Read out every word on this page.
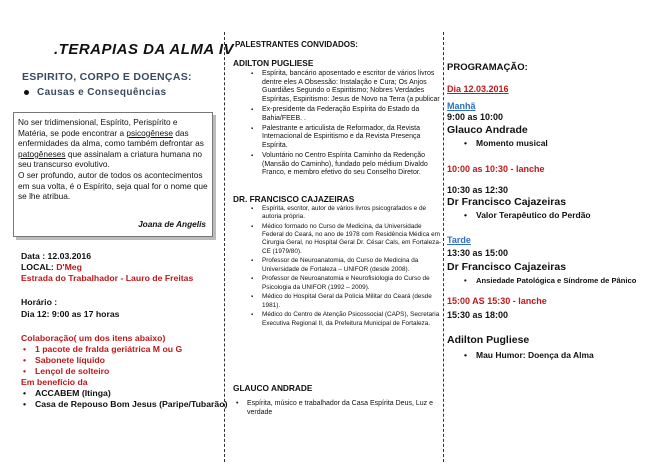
.TERAPIAS DA ALMA IV
ESPIRITO, CORPO E DOENÇAS:
Causas e Consequências

No ser tridimensional, Espírito, Perispírito e Matéria, se pode encontrar a psicogênese das enfermidades da alma, como também defrontar as patogêneses que assinalam a criatura humana no seu transcurso evolutivo.

O ser profundo, autor de todos os acontecimentos em sua volta, é o Espírito, seja qual for o nome que se lhe atribua.

Joana de Angelis
Data : 12.03.2016
LOCAL: D'Meg
Estrada do Trabalhador - Lauro de Freitas
Horário :
Dia 12: 9:00 as 17 horas
Colaboração( um dos itens abaixo)
• 1 pacote de fralda geriátrica M ou G
• Sabonete líquido
• Lençol de solteiro
Em benefício da
• ACCABEM (Itinga)
• Casa de Repouso Bom Jesus (Paripe/Tubarão)
PALESTRANTES CONVIDADOS:
ADILTON PUGLIESE
▪ Espírita, bancário aposentado e escritor de vários livros dentre eles A Obsessão: Instalação e Cura; Os Anjos Guardiães Segundo o Espiritismo; Nobres Verdades Espíritas, Espiritismo: Jesus de Novo na Terra (a publicar
▪ Ex-presidente da Federação Espírita do Estado da Bahia/FEEB. .
▪ Palestrante e articulista de Reformador, da Revista Internacional de Espiritismo e da Revista Presença Espírita.
▪ Voluntário no Centro Espírita Caminho da Redenção (Mansão do Caminho), fundado pelo médium Divaldo Franco, e membro efetivo do seu Conselho Diretor.
DR. FRANCISCO CAJAZEIRAS
▪ Espírita, escritor, autor de vários livros psicografados e de autoria própria.
▪ Médico formado no Curso de Medicina, da Universidade Federal do Ceará, no ano de 1978 com Residência Médica em Cirurgia Geral, no Hospital Geral Dr. César Cals, em Fortaleza-CE (1979/80).
▪ Professor de Neuroanatomia, do Curso de Medicina da Universidade de Fortaleza – UNIFOR (desde 2008).
▪ Professor de Neuroanatomia e Neurofisiologia do Curso de Psicologia da UNIFOR (1992 – 2009).
▪ Médico do Hospital Geral da Polícia Militar do Ceará (desde 1981).
▪ Médico do Centro de Atenção Psicossocial (CAPS), Secretaria Executiva Regional II, da Prefeitura Municipal de Fortaleza.
GLAUCO ANDRADE
• Espírita, músico e trabalhador da Casa Espírita Deus, Luz e verdade
PROGRAMAÇÃO:
Dia 12.03.2016
Manhã
9:00 as 10:00
Glauco Andrade
• Momento musical
10:00 as 10:30 - lanche
10:30 as 12:30
Dr Francisco Cajazeiras
• Valor Terapêutico do Perdão
Tarde
13:30 as 15:00
Dr Francisco Cajazeiras
• Ansiedade Patológica e Síndrome de Pânico
15:00 AS 15:30 - lanche
15:30 as 18:00
Adilton Pugliese
• Mau Humor: Doença da Alma
